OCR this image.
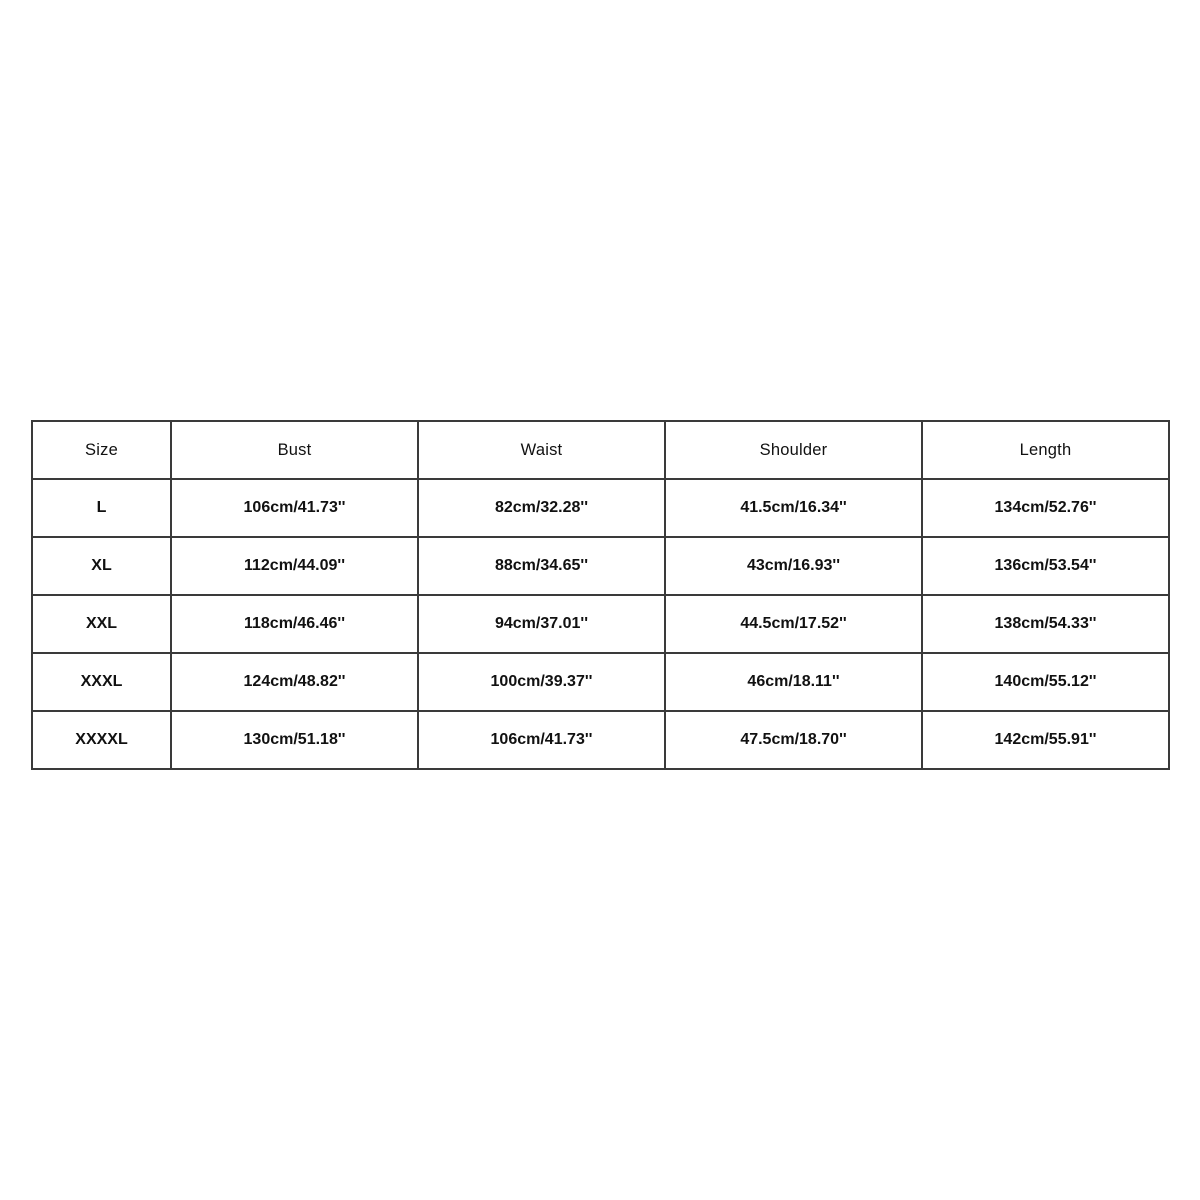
Size	Bust	Waist	Shoulder	Length
L	106cm/41.73''	82cm/32.28''	41.5cm/16.34''	134cm/52.76''
XL	112cm/44.09''	88cm/34.65''	43cm/16.93''	136cm/53.54''
XXL	118cm/46.46''	94cm/37.01''	44.5cm/17.52''	138cm/54.33''
XXXL	124cm/48.82''	100cm/39.37''	46cm/18.11''	140cm/55.12''
XXXXL	130cm/51.18''	106cm/41.73''	47.5cm/18.70''	142cm/55.91''
